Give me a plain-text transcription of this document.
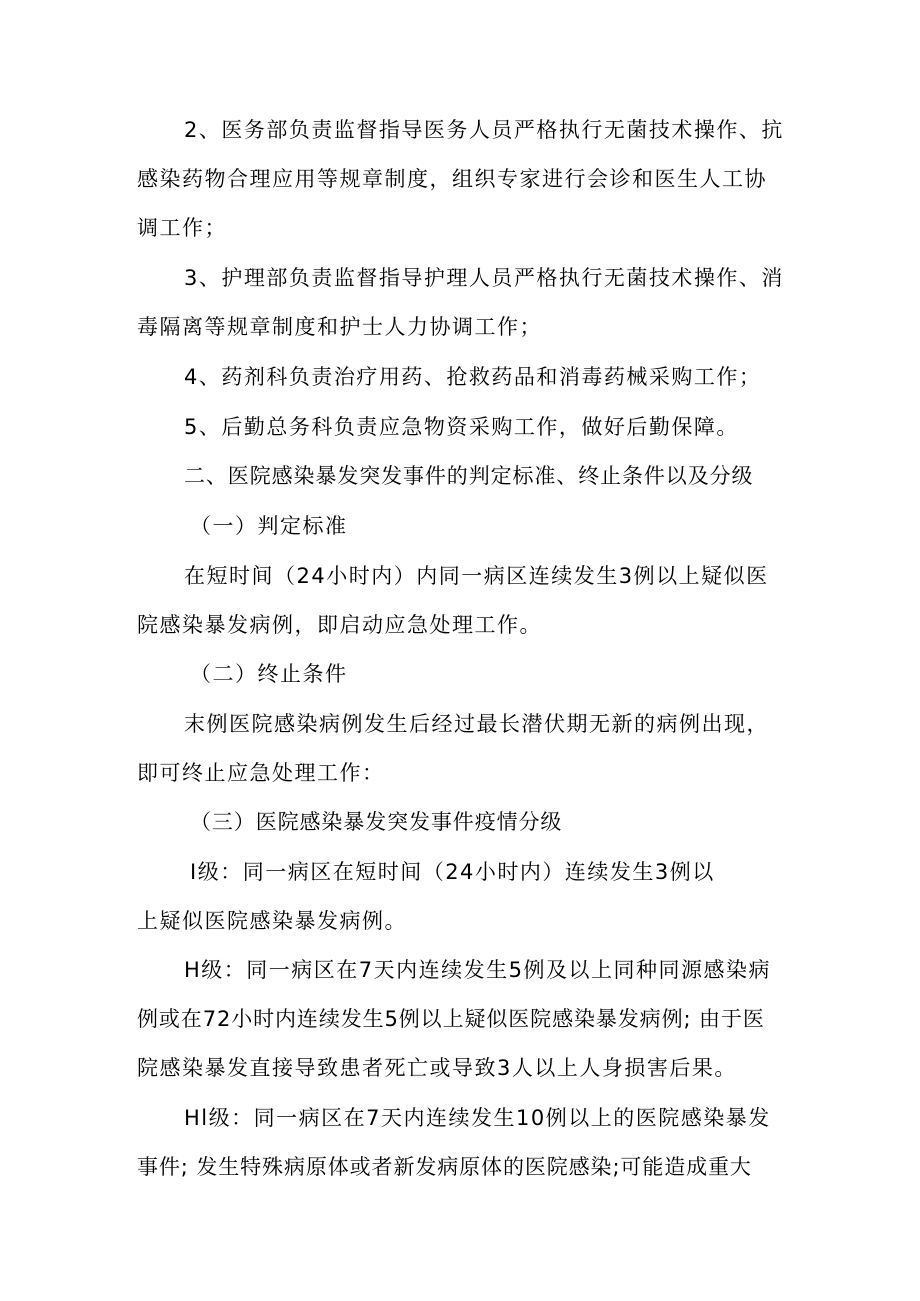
2、医务部负责监督指导医务人员严格执行无菌技术操作、抗
感染药物合理应用等规章制度，组织专家进行会诊和医生人工协
调工作；
3、护理部负责监督指导护理人员严格执行无菌技术操作、消
毒隔离等规章制度和护士人力协调工作；
4、药剂科负责治疗用药、抢救药品和消毒药械采购工作；
5、后勤总务科负责应急物资采购工作，做好后勤保障。
二、医院感染暴发突发事件的判定标准、终止条件以及分级
（一）判定标准
在短时间（24小时内）内同一病区连续发生3例以上疑似医
院感染暴发病例，即启动应急处理工作。
（二）终止条件
末例医院感染病例发生后经过最长潜伏期无新的病例出现，
即可终止应急处理工作：
（三）医院感染暴发突发事件疫情分级
I级：同一病区在短时间（24小时内）连续发生3例以
上疑似医院感染暴发病例。
H级：同一病区在7天内连续发生5例及以上同种同源感染病
例或在72小时内连续发生5例以上疑似医院感染暴发病例; 由于医
院感染暴发直接导致患者死亡或导致3人以上人身损害后果。
Hl级：同一病区在7天内连续发生10例以上的医院感染暴发
事件; 发生特殊病原体或者新发病原体的医院感染;可能造成重大
